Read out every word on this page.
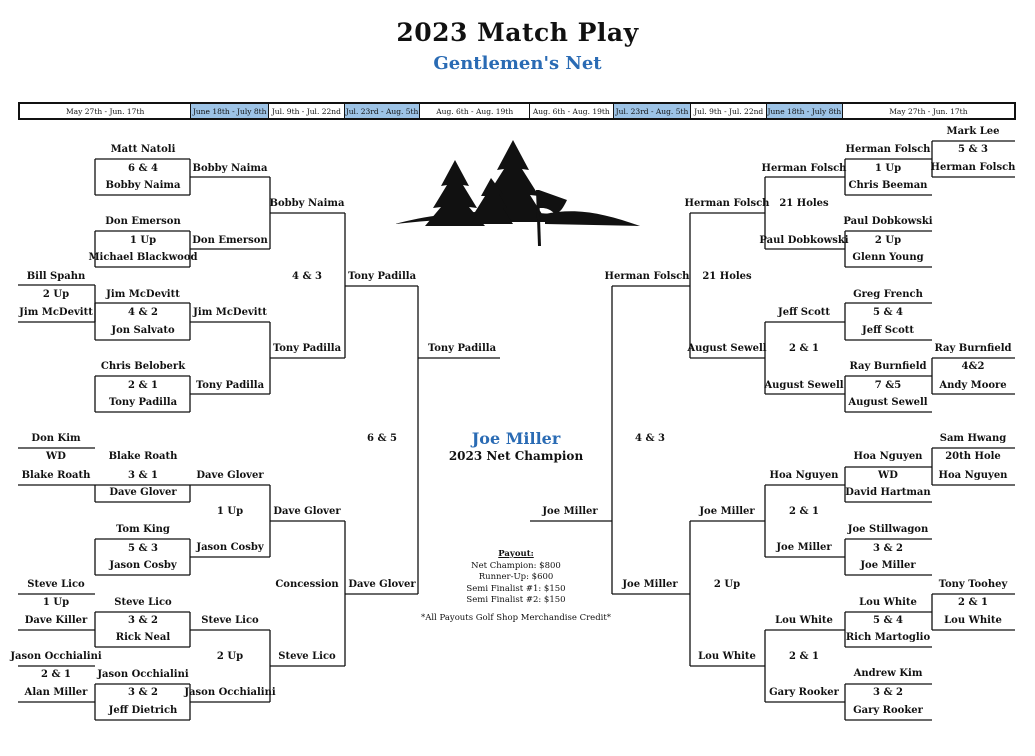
2023 Match Play
Gentlemen's Net
May 27th - Jun. 17th	June 18th - July 8th Jul. 9th - Jul. 22nd Jul. 23rd - Aug. 5th	Aug. 6th - Aug. 19th	Aug. 6th - Aug. 19th Jul. 23rd - Aug. 5th Jul. 9th - Jul. 22nd June 18th - July 8th	May 27th - Jun. 17th
Matt Natoli
6 & 4
Bobby Naima
Bobby Naima
Don Emerson
1 Up
Michael Blackwood
Don Emerson
Bobby Naima
4 & 3
Bill Spahn
2 Up
Jim McDevitt
Jim McDevitt
4 & 2
Jon Salvato
Jim McDevitt
Chris Beloberk
2 & 1
Tony Padilla
Tony Padilla
Tony Padilla
Tony Padilla
Tony Padilla
6 & 5
Don Kim
WD
Blake Roath
Blake Roath
3 & 1
Dave Glover
Dave Glover
1 Up
Tom King
5 & 3
Jason Cosby
Jason Cosby
Dave Glover
Concession Dave Glover
Steve Lico
1 Up
Dave Killer
Steve Lico
3 & 2
Rick Neal
Steve Lico
2 Up
Jason Occhialini
2 & 1
Alan Miller
Jason Occhialini
3 & 2
Jeff Dietrich
Jason Occhialini
Steve Lico
Mark Lee
5 & 3
Herman Folsch
Herman Folsch
1 Up
Chris Beeman
Herman Folsch
21 Holes
Paul Dobkowski
2 Up
Glenn Young
Paul Dobkowski
Herman Folsch
Herman Folsch 21 Holes
Greg French
5 & 4
Jeff Scott
Jeff Scott
2 & 1	Ray Burnfield
4&2
Andy Moore
Ray Burnfield
7 &5
August Sewell
August Sewell
August Sewell
4 & 3	Sam Hwang
20th Hole
Hoa Nguyen
Hoa Nguyen
WD
David Hartman
Hoa Nguyen
2 & 1
Joe Stillwagon
3 & 2
Joe Miller
Joe Miller
Joe Miller
Joe Miller
Joe Miller	2 Up	Tony Toohey
2 & 1
Lou White
Lou White
5 & 4
Rich Martoglio
Lou White
2 & 1
Andrew Kim
3 & 2
Gary Rooker
Gary Rooker
Lou White
Joe Miller
2023 Net Champion
Payout:
Net Champion: $800
Runner-Up: $600
Semi Finalist #1: $150
Semi Finalist #2: $150
*All Payouts Golf Shop Merchandise Credit*
